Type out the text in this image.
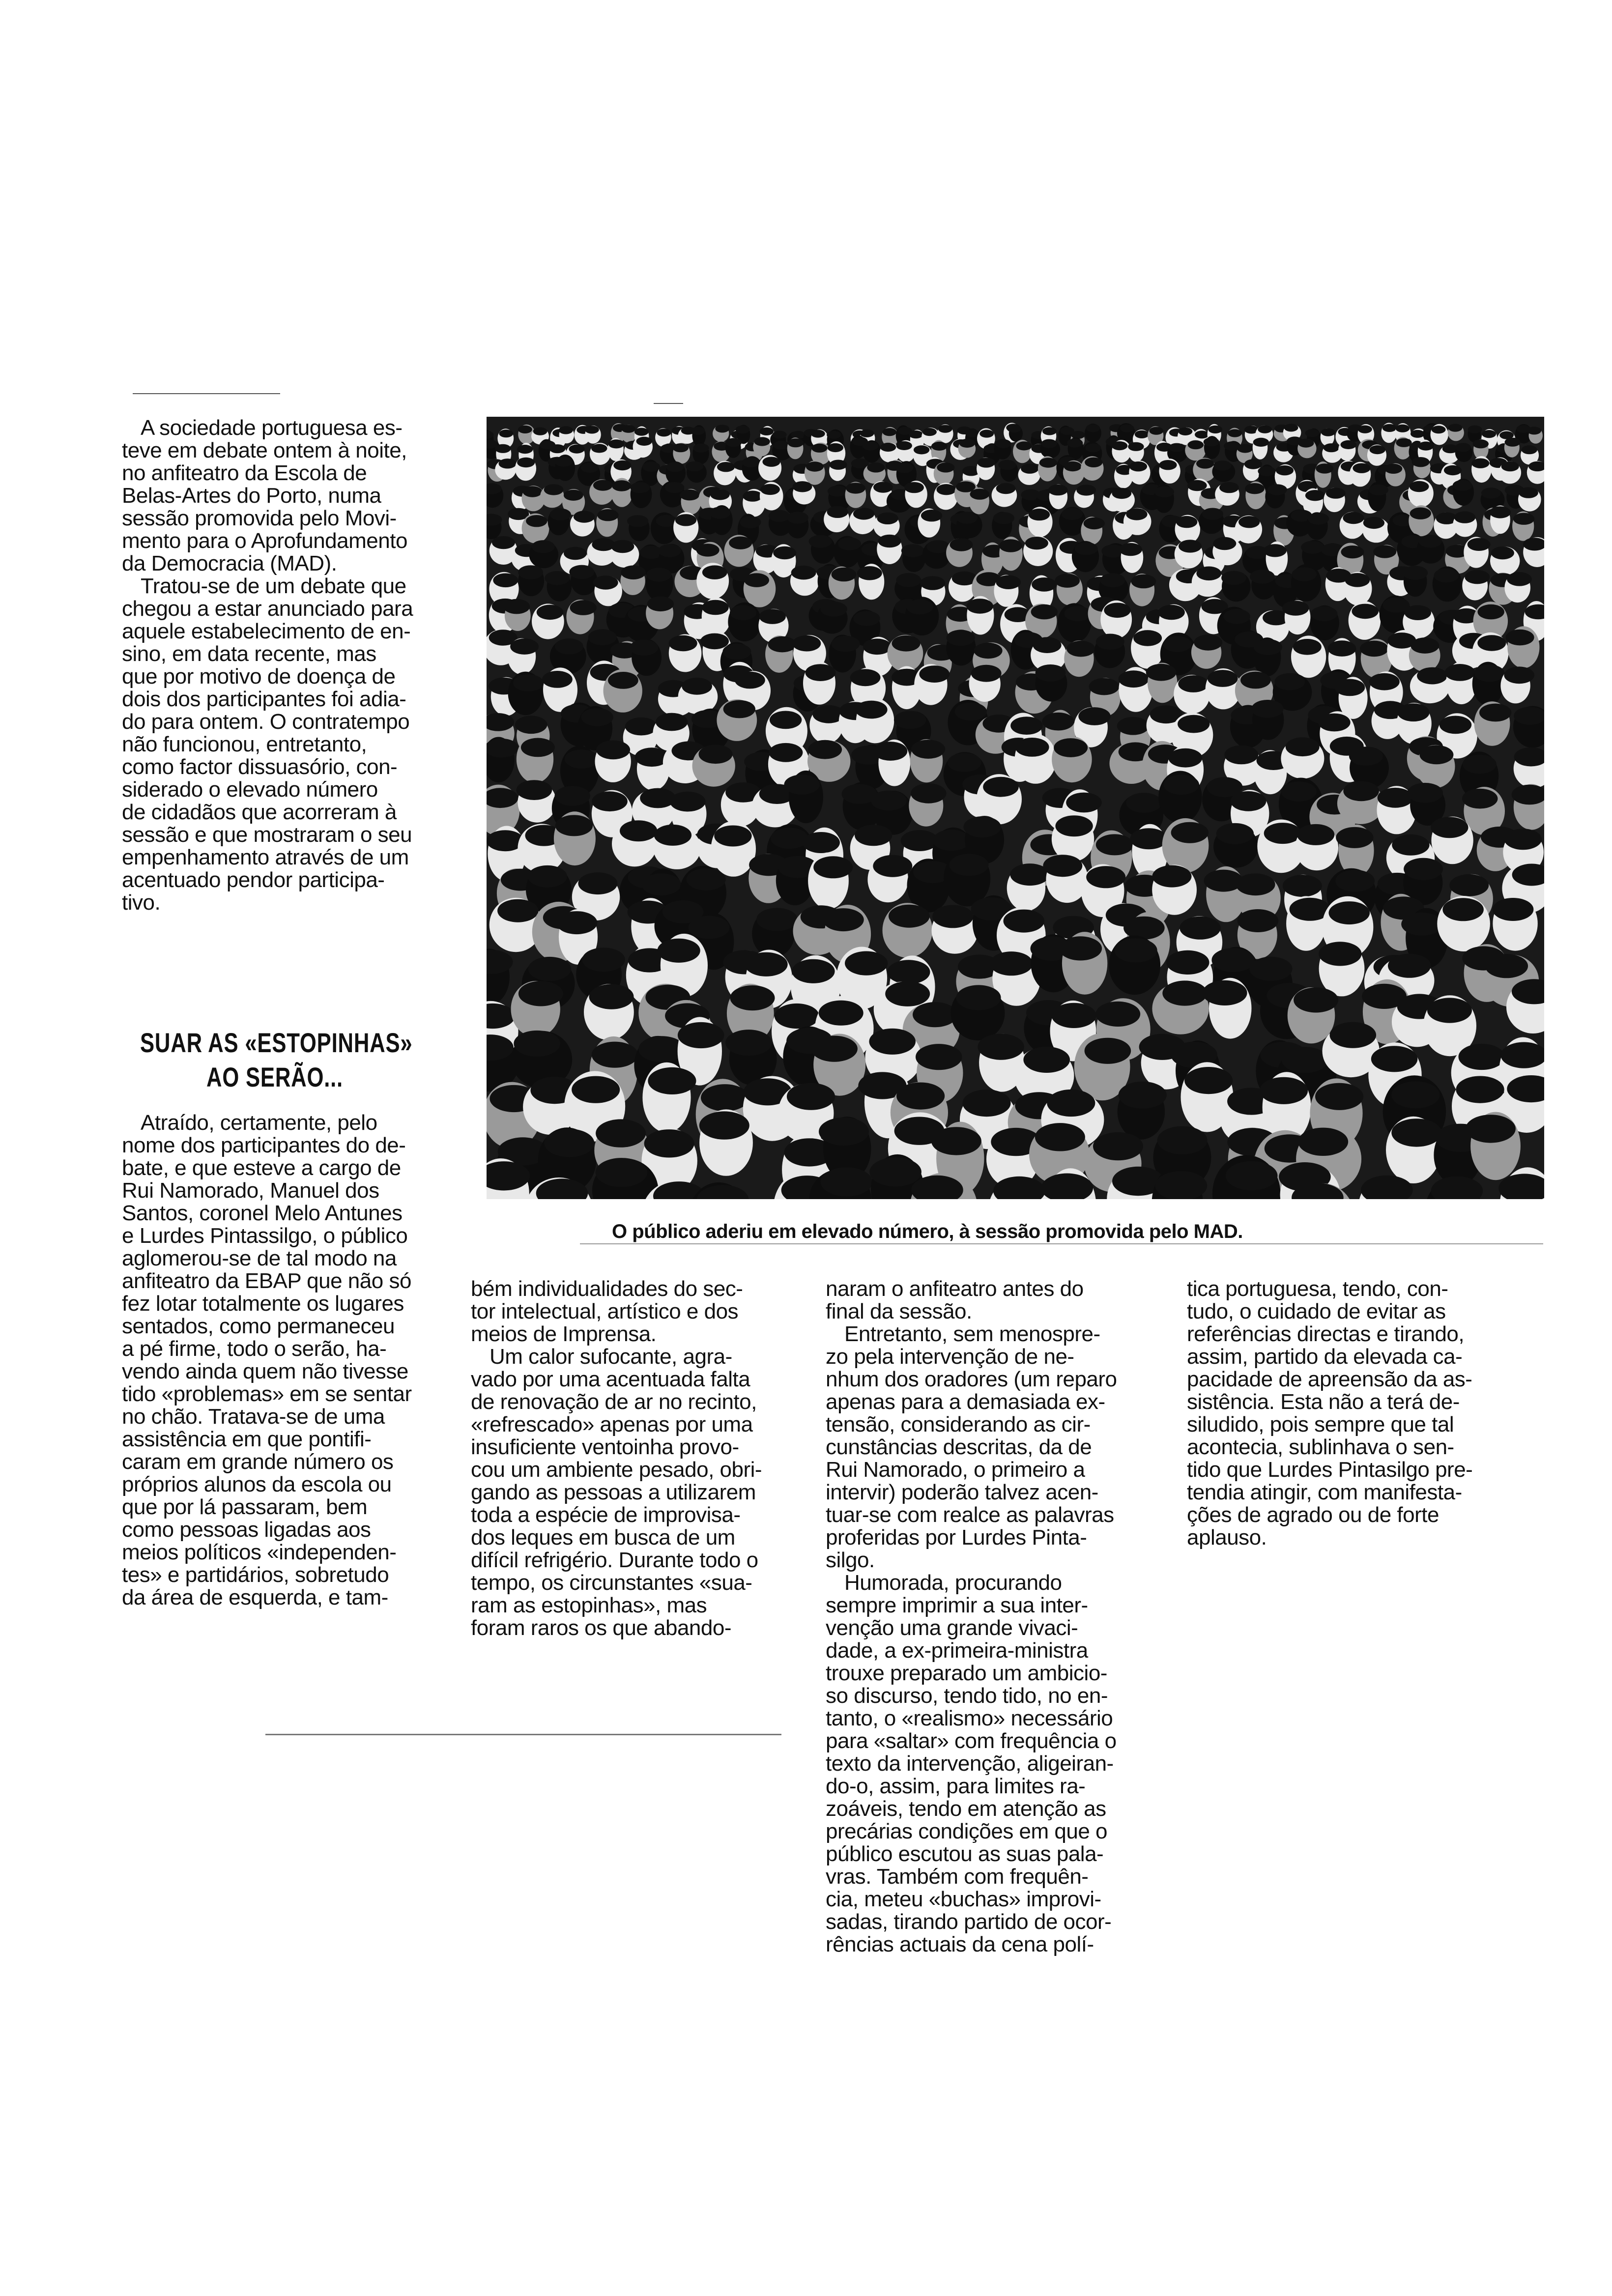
A sociedade portuguesa es-

teve em debate ontem à noite,

no anfiteatro da Escola de

Belas-Artes do Porto, numa

sessão promovida pelo Movi-

mento para o Aprofundamento

da Democracia (MAD).

Tratou-se de um debate que

chegou a estar anunciado para

aquele estabelecimento de en-

sino, em data recente, mas

que por motivo de doença de

dois dos participantes foi adia-

do para ontem. O contratempo

não funcionou, entretanto,

como factor dissuasório, con-

siderado o elevado número

de cidadãos que acorreram à

sessão e que mostraram o seu

empenhamento através de um

acentuado pendor participa-

tivo.

SUAR AS «ESTOPINHAS»
AO SERÃO...

Atraído, certamente, pelo

nome dos participantes do de-

bate, e que esteve a cargo de

Rui Namorado, Manuel dos

Santos, coronel Melo Antunes

e Lurdes Pintassilgo, o público

aglomerou-se de tal modo na

anfiteatro da EBAP que não só

fez lotar totalmente os lugares

sentados, como permaneceu

a pé firme, todo o serão, ha-

vendo ainda quem não tivesse

tido «problemas» em se sentar

no chão. Tratava-se de uma

assistência em que pontifi-

caram em grande número os

próprios alunos da escola ou

que por lá passaram, bem

como pessoas ligadas aos

meios políticos «independen-

tes» e partidários, sobretudo

da área de esquerda, e tam-

O público aderiu em elevado número, à sessão promovida pelo MAD.

bém individualidades do sec-

tor intelectual, artístico e dos

meios de Imprensa.

Um calor sufocante, agra-

vado por uma acentuada falta

de renovação de ar no recinto,

«refrescado» apenas por uma

insuficiente ventoinha provo-

cou um ambiente pesado, obri-

gando as pessoas a utilizarem

toda a espécie de improvisa-

dos leques em busca de um

difícil refrigério. Durante todo o

tempo, os circunstantes «sua-

ram as estopinhas», mas

foram raros os que abando-

naram o anfiteatro antes do

final da sessão.

Entretanto, sem menospre-

zo pela intervenção de ne-

nhum dos oradores (um reparo

apenas para a demasiada ex-

tensão, considerando as cir-

cunstâncias descritas, da de

Rui Namorado, o primeiro a

intervir) poderão talvez acen-

tuar-se com realce as palavras

proferidas por Lurdes Pinta-

silgo.

Humorada, procurando

sempre imprimir a sua inter-

venção uma grande vivaci-

dade, a ex-primeira-ministra

trouxe preparado um ambicio-

so discurso, tendo tido, no en-

tanto, o «realismo» necessário

para «saltar» com frequência o

texto da intervenção, aligeiran-

do-o, assim, para limites ra-

zoáveis, tendo em atenção as

precárias condições em que o

público escutou as suas pala-

vras. Também com frequên-

cia, meteu «buchas» improvi-

sadas, tirando partido de ocor-

rências actuais da cena polí-

tica portuguesa, tendo, con-

tudo, o cuidado de evitar as

referências directas e tirando,

assim, partido da elevada ca-

pacidade de apreensão da as-

sistência. Esta não a terá de-

siludido, pois sempre que tal

acontecia, sublinhava o sen-

tido que Lurdes Pintasilgo pre-

tendia atingir, com manifesta-

ções de agrado ou de forte

aplauso.
